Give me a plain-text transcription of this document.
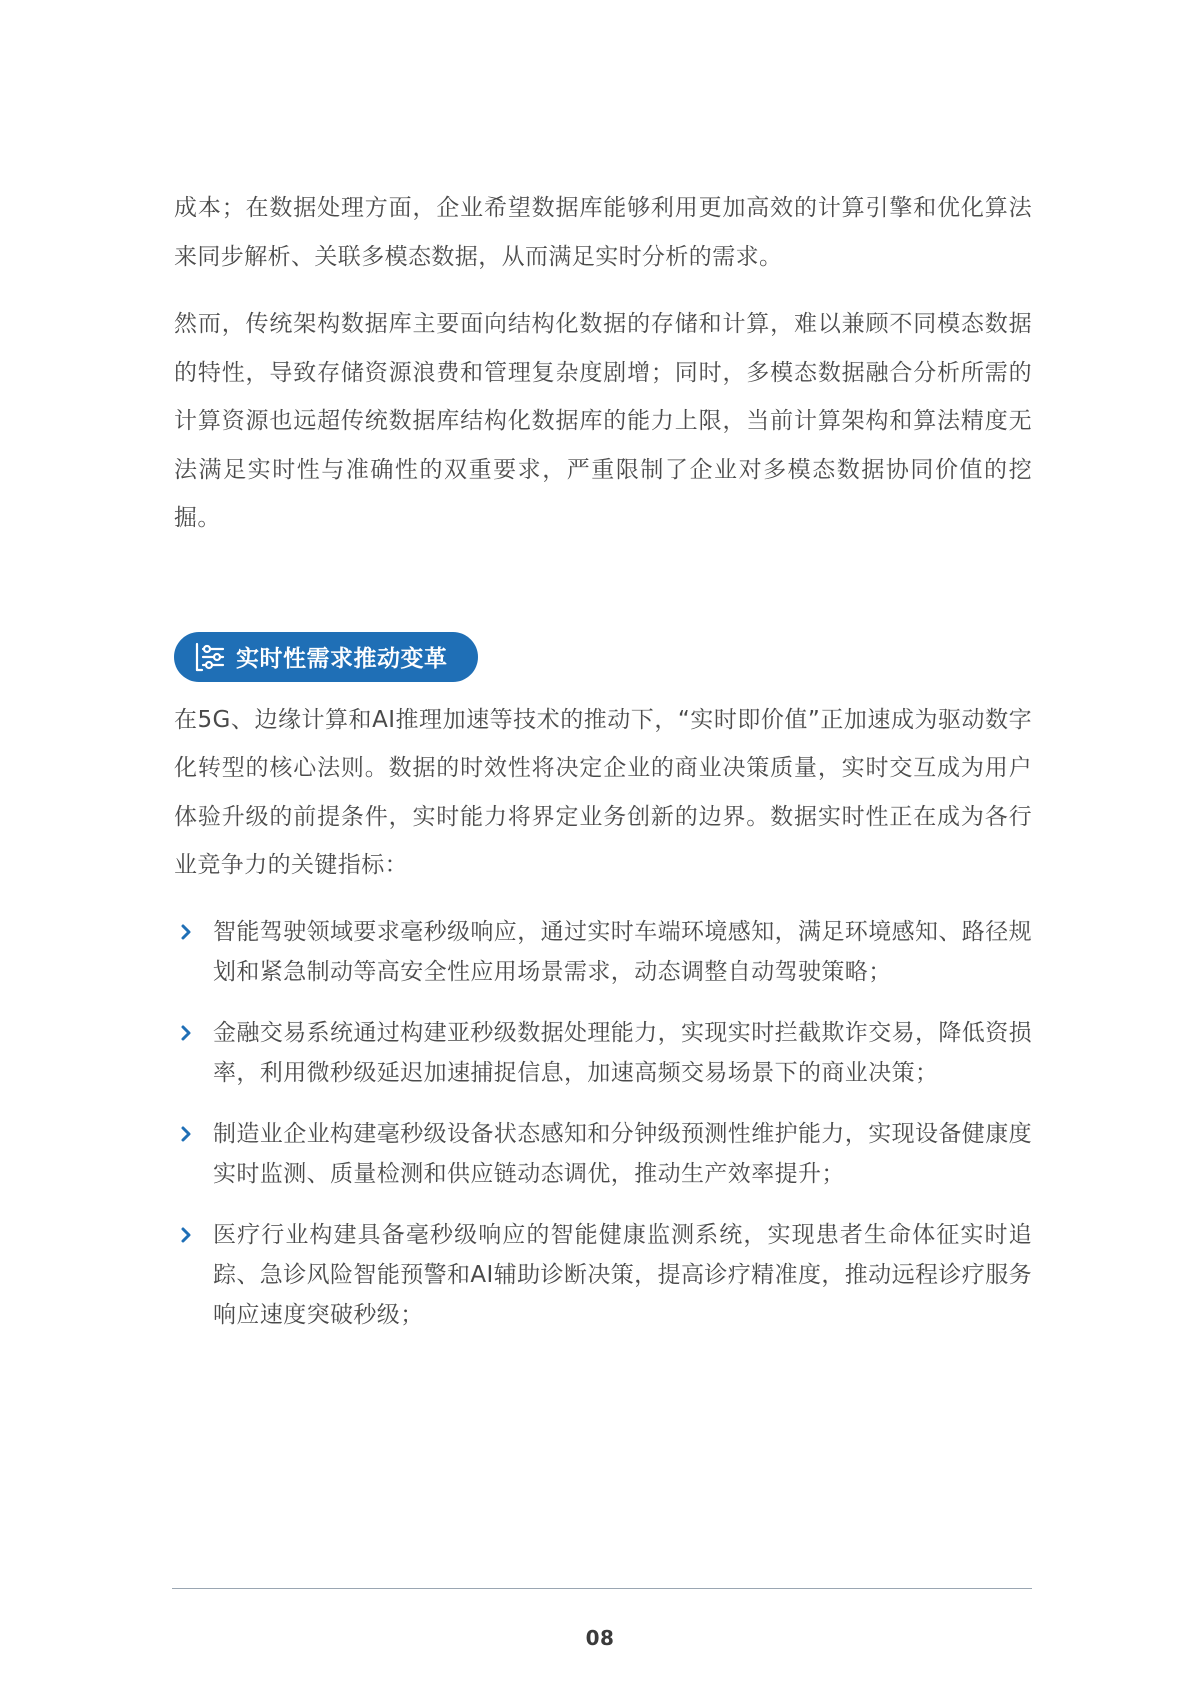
成本；在数据处理方面，企业希望数据库能够利用更加高效的计算引擎和优化算法来同步解析、关联多模态数据，从而满足实时分析的需求。

然而，传统架构数据库主要面向结构化数据的存储和计算，难以兼顾不同模态数据的特性，导致存储资源浪费和管理复杂度剧增；同时，多模态数据融合分析所需的计算资源也远超传统数据库结构化数据库的能力上限，当前计算架构和算法精度无法满足实时性与准确性的双重要求，严重限制了企业对多模态数据协同价值的挖掘。

实时性需求推动变革

在5G、边缘计算和AI推理加速等技术的推动下，“实时即价值”正加速成为驱动数字化转型的核心法则。数据的时效性将决定企业的商业决策质量，实时交互成为用户体验升级的前提条件，实时能力将界定业务创新的边界。数据实时性正在成为各行业竞争力的关键指标：

智能驾驶领域要求毫秒级响应，通过实时车端环境感知，满足环境感知、路径规划和紧急制动等高安全性应用场景需求，动态调整自动驾驶策略；
金融交易系统通过构建亚秒级数据处理能力，实现实时拦截欺诈交易，降低资损率，利用微秒级延迟加速捕捉信息，加速高频交易场景下的商业决策；
制造业企业构建毫秒级设备状态感知和分钟级预测性维护能力，实现设备健康度实时监测、质量检测和供应链动态调优，推动生产效率提升；
医疗行业构建具备毫秒级响应的智能健康监测系统，实现患者生命体征实时追踪、急诊风险智能预警和AI辅助诊断决策，提高诊疗精准度，推动远程诊疗服务响应速度突破秒级；
08
